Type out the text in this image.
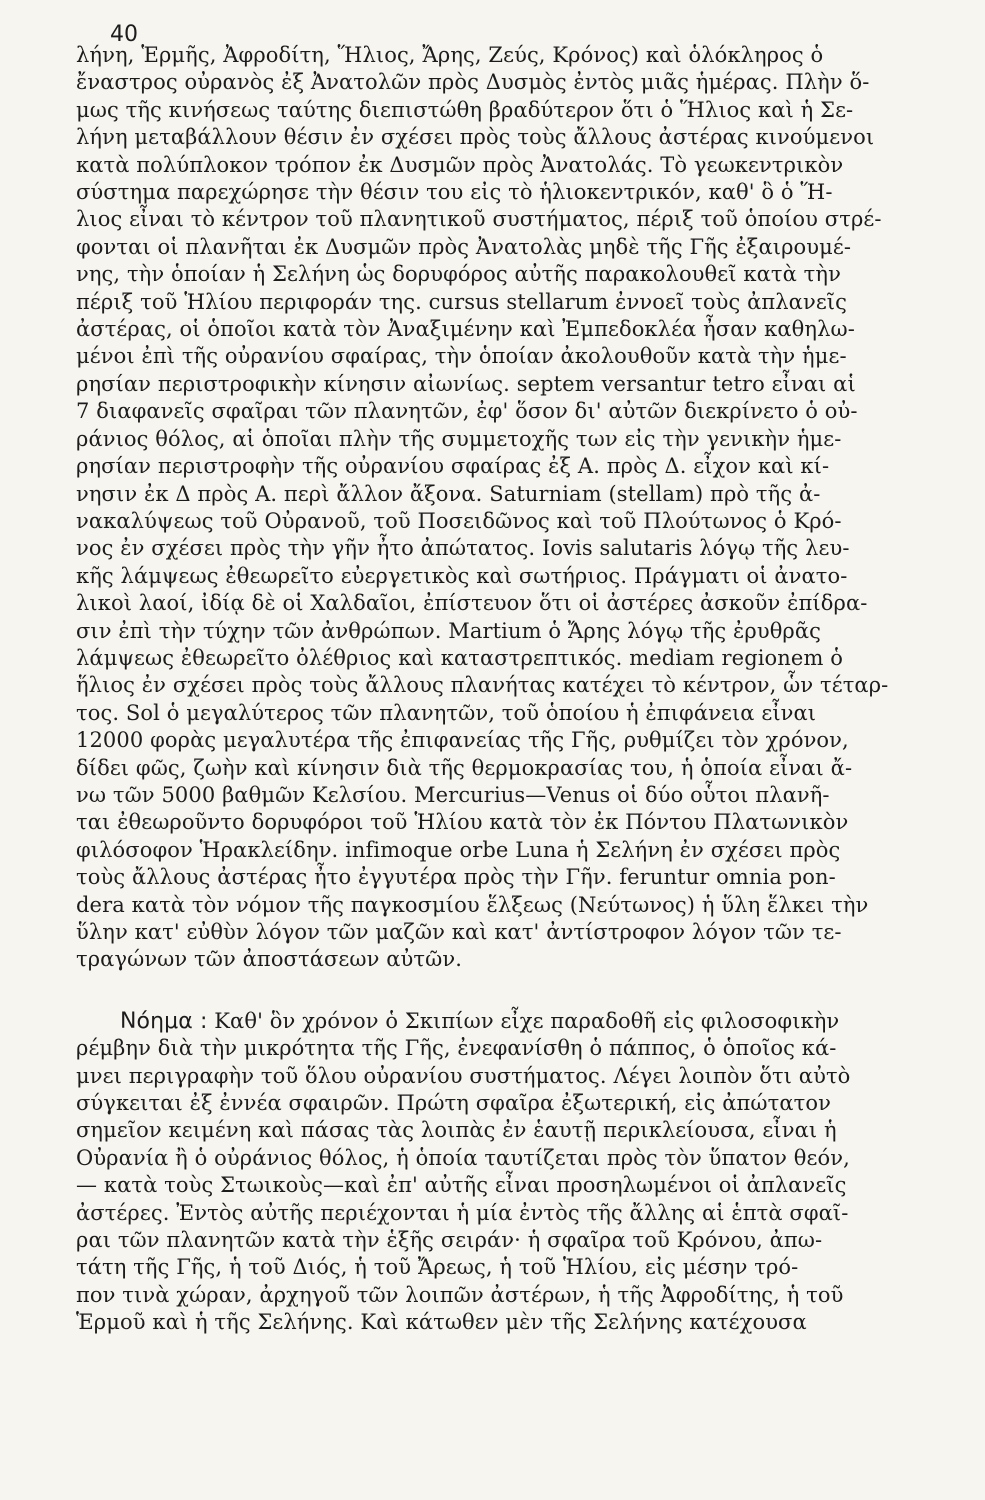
40
λήνη, Ἑρμῆς, Ἀφροδίτη, Ἥλιος, Ἄρης, Ζεύς, Κρόνος) καὶ ὁλόκληρος ὁ
ἔναστρος οὐρανὸς ἐξ Ἀνατολῶν πρὸς Δυσμὸς ἐντὸς μιᾶς ἡμέρας. Πλὴν ὅ-
μως τῆς κινήσεως ταύτης διεπιστώθη βραδύτερον ὅτι ὁ Ἥλιος καὶ ἡ Σε-
λήνη μεταβάλλουν θέσιν ἐν σχέσει πρὸς τοὺς ἄλλους ἀστέρας κινούμενοι
κατὰ πολύπλοκον τρόπον ἐκ Δυσμῶν πρὸς Ἀνατολάς. Τὸ γεωκεντρικὸν
σύστημα παρεχώρησε τὴν θέσιν του εἰς τὸ ἡλιοκεντρικόν, καθ' ὃ ὁ Ἥ-
λιος εἶναι τὸ κέντρον τοῦ πλανητικοῦ συστήματος, πέριξ τοῦ ὁποίου στρέ-
φονται οἱ πλανῆται ἐκ Δυσμῶν πρὸς Ἀνατολὰς μηδὲ τῆς Γῆς ἐξαιρουμέ-
νης, τὴν ὁποίαν ἡ Σελήνη ὡς δορυφόρος αὐτῆς παρακολουθεῖ κατὰ τὴν
πέριξ τοῦ Ἡλίου περιφοράν της. cursus stellarum ἐννοεῖ τοὺς ἀπλανεῖς
ἀστέρας, οἱ ὁποῖοι κατὰ τὸν Ἀναξιμένην καὶ Ἐμπεδοκλέα ἦσαν καθηλω-
μένοι ἐπὶ τῆς οὐρανίου σφαίρας, τὴν ὁποίαν ἀκολουθοῦν κατὰ τὴν ἡμε-
ρησίαν περιστροφικὴν κίνησιν αἰωνίως. septem versantur tetro εἶναι αἱ
7 διαφανεῖς σφαῖραι τῶν πλανητῶν, ἐφ' ὅσον δι' αὐτῶν διεκρίνετο ὁ οὐ-
ράνιος θόλος, αἱ ὁποῖαι πλὴν τῆς συμμετοχῆς των εἰς τὴν γενικὴν ἡμε-
ρησίαν περιστροφὴν τῆς οὐρανίου σφαίρας ἐξ Α. πρὸς Δ. εἶχον καὶ κί-
νησιν ἐκ Δ πρὸς Α. περὶ ἄλλον ἄξονα. Saturniam (stellam) πρὸ τῆς ἀ-
νακαλύψεως τοῦ Οὐρανοῦ, τοῦ Ποσειδῶνος καὶ τοῦ Πλούτωνος ὁ Κρό-
νος ἐν σχέσει πρὸς τὴν γῆν ἦτο ἀπώτατος. Iovis salutaris λόγῳ τῆς λευ-
κῆς λάμψεως ἐθεωρεῖτο εὐεργετικὸς καὶ σωτήριος. Πράγματι οἱ ἀνατο-
λικοὶ λαοί, ἰδίᾳ δὲ οἱ Χαλδαῖοι, ἐπίστευον ὅτι οἱ ἀστέρες ἀσκοῦν ἐπίδρα-
σιν ἐπὶ τὴν τύχην τῶν ἀνθρώπων. Martium ὁ Ἄρης λόγῳ τῆς ἐρυθρᾶς
λάμψεως ἐθεωρεῖτο ὀλέθριος καὶ καταστρεπτικός. mediam regionem ὁ
ἥλιος ἐν σχέσει πρὸς τοὺς ἄλλους πλανήτας κατέχει τὸ κέντρον, ὧν τέταρ-
τος. Sol ὁ μεγαλύτερος τῶν πλανητῶν, τοῦ ὁποίου ἡ ἐπιφάνεια εἶναι
12000 φορὰς μεγαλυτέρα τῆς ἐπιφανείας τῆς Γῆς, ρυθμίζει τὸν χρόνον,
δίδει φῶς, ζωὴν καὶ κίνησιν διὰ τῆς θερμοκρασίας του, ἡ ὁποία εἶναι ἄ-
νω τῶν 5000 βαθμῶν Κελσίου. Mercurius—Venus οἱ δύο οὗτοι πλανῆ-
ται ἐθεωροῦντο δορυφόροι τοῦ Ἡλίου κατὰ τὸν ἐκ Πόντου Πλατωνικὸν
φιλόσοφον Ἡρακλείδην. infimoque orbe Luna ἡ Σελήνη ἐν σχέσει πρὸς
τοὺς ἄλλους ἀστέρας ἦτο ἐγγυτέρα πρὸς τὴν Γῆν. feruntur omnia pon-
dera κατὰ τὸν νόμον τῆς παγκοσμίου ἕλξεως (Νεύτωνος) ἡ ὕλη ἕλκει τὴν
ὕλην κατ' εὐθὺν λόγον τῶν μαζῶν καὶ κατ' ἀντίστροφον λόγον τῶν τε-
τραγώνων τῶν ἀποστάσεων αὐτῶν.
Νόημα : Καθ' ὃν χρόνον ὁ Σκιπίων εἶχε παραδοθῆ εἰς φιλοσοφικὴν
ρέμβην διὰ τὴν μικρότητα τῆς Γῆς, ἐνεφανίσθη ὁ πάππος, ὁ ὁποῖος κά-
μνει περιγραφὴν τοῦ ὅλου οὐρανίου συστήματος. Λέγει λοιπὸν ὅτι αὐτὸ
σύγκειται ἐξ ἐννέα σφαιρῶν. Πρώτη σφαῖρα ἐξωτερική, εἰς ἀπώτατον
σημεῖον κειμένη καὶ πάσας τὰς λοιπὰς ἐν ἑαυτῇ περικλείουσα, εἶναι ἡ
Οὐρανία ἢ ὁ οὐράνιος θόλος, ἡ ὁποία ταυτίζεται πρὸς τὸν ὕπατον θεόν,
— κατὰ τοὺς Στωικοὺς—καὶ ἐπ' αὐτῆς εἶναι προσηλωμένοι οἱ ἀπλανεῖς
ἀστέρες. Ἐντὸς αὐτῆς περιέχονται ἡ μία ἐντὸς τῆς ἄλλης αἱ ἑπτὰ σφαῖ-
ραι τῶν πλανητῶν κατὰ τὴν ἑξῆς σειράν· ἡ σφαῖρα τοῦ Κρόνου, ἀπω-
τάτη τῆς Γῆς, ἡ τοῦ Διός, ἡ τοῦ Ἄρεως, ἡ τοῦ Ἡλίου, εἰς μέσην τρό-
πον τινὰ χώραν, ἀρχηγοῦ τῶν λοιπῶν ἀστέρων, ἡ τῆς Ἀφροδίτης, ἡ τοῦ
Ἑρμοῦ καὶ ἡ τῆς Σελήνης. Καὶ κάτωθεν μὲν τῆς Σελήνης κατέχουσα
